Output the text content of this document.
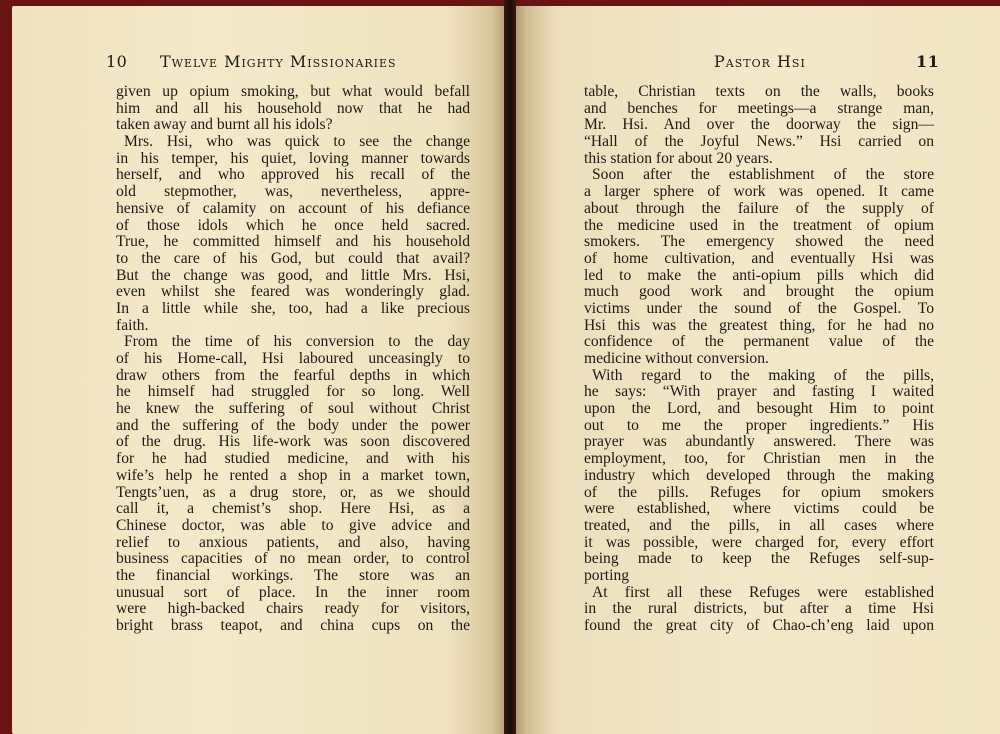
10 Twelve Mighty Missionaries	Pastor Hsi	11
given up opium smoking, but what would befall
him and all his household now that he had
taken away and burnt all his idols?
Mrs. Hsi, who was quick to see the change
in his temper, his quiet, loving manner towards
herself, and who approved his recall of the
old stepmother, was, nevertheless, appre-
hensive of calamity on account of his defiance
of those idols which he once held sacred.
True, he committed himself and his household
to the care of his God, but could that avail?
But the change was good, and little Mrs. Hsi,
even whilst she feared was wonderingly glad.
In a little while she, too, had a like precious
faith.
From the time of his conversion to the day
of his Home-call, Hsi laboured unceasingly to
draw others from the fearful depths in which
he himself had struggled for so long. Well
he knew the suffering of soul without Christ
and the suffering of the body under the power
of the drug. His life-work was soon discovered
for he had studied medicine, and with his
wife’s help he rented a shop in a market town,
Tengts’uen, as a drug store, or, as we should
call it, a chemist’s shop. Here Hsi, as a
Chinese doctor, was able to give advice and
relief to anxious patients, and also, having
business capacities of no mean order, to control
the financial workings. The store was an
unusual sort of place. In the inner room
were high-backed chairs ready for visitors,
bright brass teapot, and china cups on the
table, Christian texts on the walls, books
and benches for meetings—a strange man,
Mr. Hsi. And over the doorway the sign—
“Hall of the Joyful News.” Hsi carried on
this station for about 20 years.
Soon after the establishment of the store
a larger sphere of work was opened. It came
about through the failure of the supply of
the medicine used in the treatment of opium
smokers. The emergency showed the need
of home cultivation, and eventually Hsi was
led to make the anti-opium pills which did
much good work and brought the opium
victims under the sound of the Gospel. To
Hsi this was the greatest thing, for he had no
confidence of the permanent value of the
medicine without conversion.
With regard to the making of the pills,
he says: “With prayer and fasting I waited
upon the Lord, and besought Him to point
out to me the proper ingredients.” His
prayer was abundantly answered. There was
employment, too, for Christian men in the
industry which developed through the making
of the pills. Refuges for opium smokers
were established, where victims could be
treated, and the pills, in all cases where
it was possible, were charged for, every effort
being made to keep the Refuges self-sup-
porting
At first all these Refuges were established
in the rural districts, but after a time Hsi
found the great city of Chao-ch’eng laid upon
